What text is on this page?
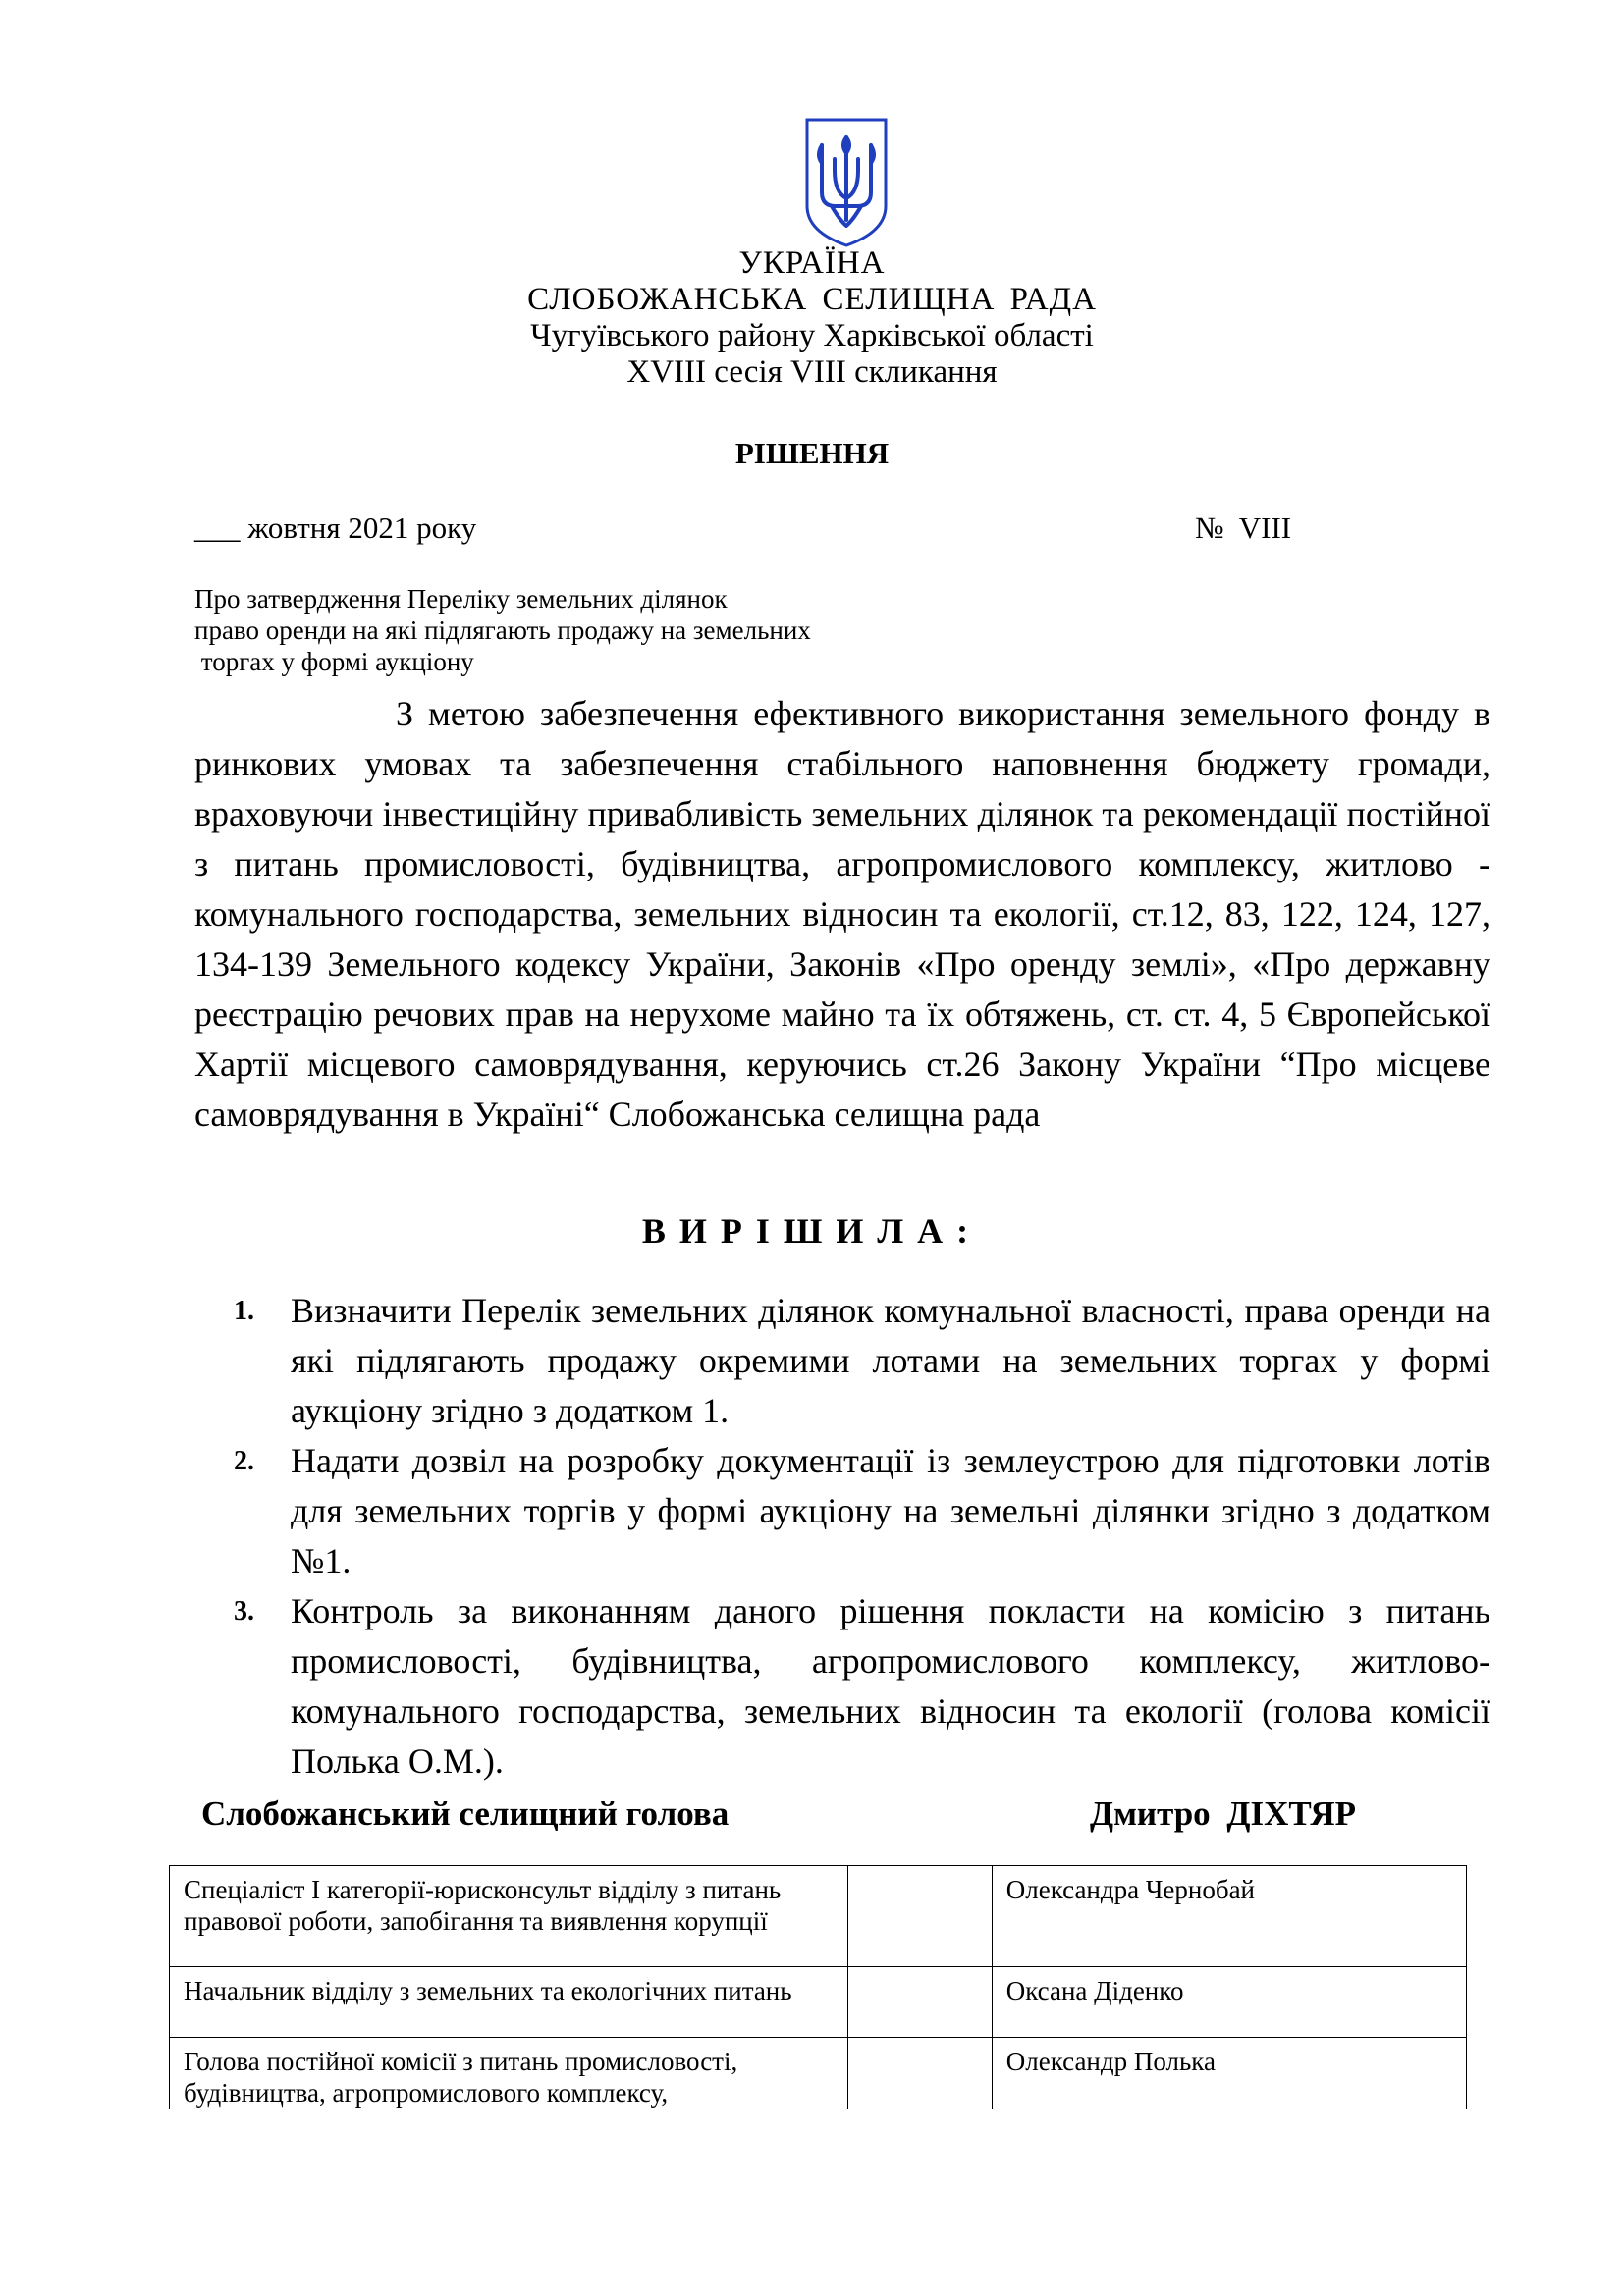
УКРАЇНА
СЛОБОЖАНСЬКА СЕЛИЩНА РАДА
Чугуївського району Харківської області
XVIII сесія VIII скликання
РІШЕННЯ
___ жовтня 2021 року	№ VIII
Про затвердження Переліку земельних ділянок
право оренди на які підлягають продажу на земельних
торгах у формі аукціону
З метою забезпечення ефективного використання земельного фонду в ринкових умовах та забезпечення стабільного наповнення бюджету громади, враховуючи інвестиційну привабливість земельних ділянок та рекомендації постійної з питань промисловості, будівництва, агропромислового комплексу, житлово - комунального господарства, земельних відносин та екології, ст.12, 83, 122, 124, 127, 134-139 Земельного кодексу України, Законів «Про оренду землі», «Про державну реєстрацію речових прав на нерухоме майно та їх обтяжень, ст. ст. 4, 5 Європейської Хартії місцевого самоврядування, керуючись ст.26 Закону України “Про місцеве самоврядування в Україні“ Слобожанська селищна рада
ВИРІШИЛА:
1. Визначити Перелік земельних ділянок комунальної власності, права оренди на які підлягають продажу окремими лотами на земельних торгах у формі аукціону згідно з додатком 1.
2. Надати дозвіл на розробку документації із землеустрою для підготовки лотів для земельних торгів у формі аукціону на земельні ділянки згідно з додатком №1.
3. Контроль за виконанням даного рішення покласти на комісію з питань промисловості, будівництва, агропромислового комплексу, житлово-комунального господарства, земельних відносин та екології (голова комісії Полька О.М.).
Слобожанський селищний голова	Дмитро ДІХТЯР
Спеціаліст І категорії-юрисконсульт відділу з питань правової роботи, запобігання та виявлення корупції		Олександра Чернобай
Начальник відділу з земельних та екологічних питань		Оксана Діденко
Голова постійної комісії з питань промисловості, будівництва, агропромислового комплексу,		Олександр Полька
